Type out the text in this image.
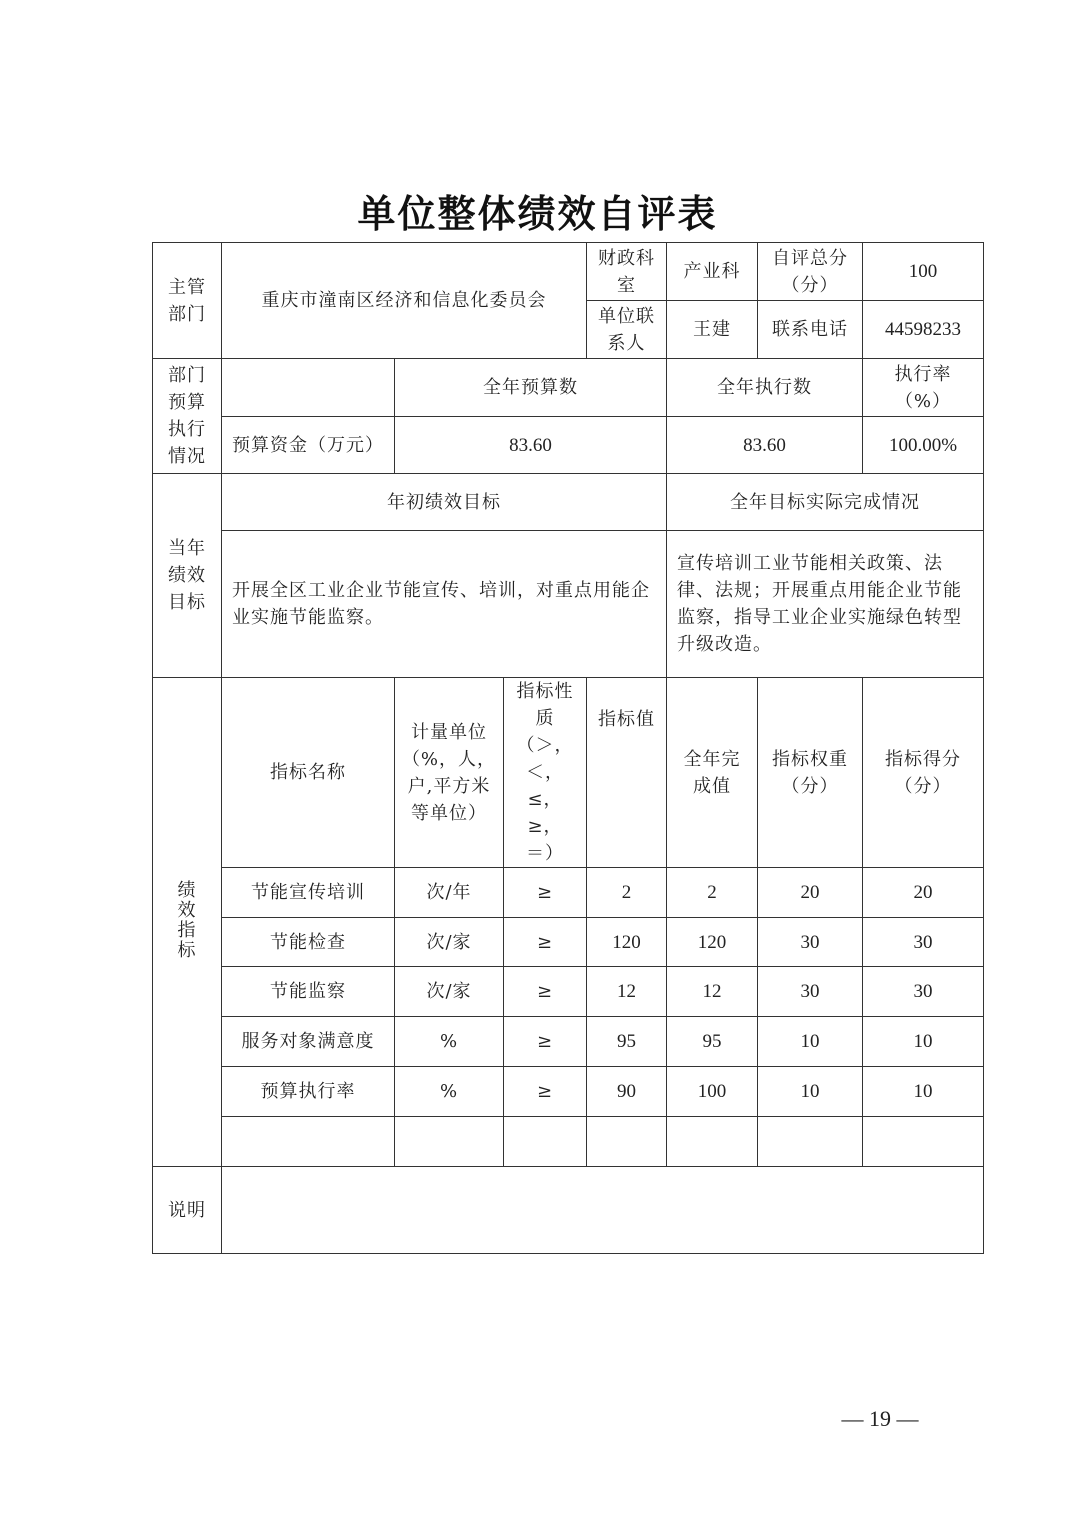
单位整体绩效自评表
主管部门	重庆市潼南区经济和信息化委员会			财政科室	产业科	自评总分（分）	100
				单位联系人	王建	联系电话	44598233
部门预算执行情况		全年预算数			全年执行数		执行率（%）
	预算资金（万元）	83.60			83.60		100.00%
当年绩效目标	年初绩效目标				全年目标实际完成情况		
	开展全区工业企业节能宣传、培训，对重点用能企业实施节能监察。				宣传培训工业节能相关政策、法律、法规；开展重点用能企业节能监察，指导工业企业实施绿色转型升级改造。		
绩效指标	指标名称	计量单位（%，人，户,平方米等单位）	指标性质（＞，＜，≤，≥，＝）	指标值	全年完成值	指标权重（分）	指标得分（分）
	节能宣传培训	次/年	≥	2	2	20	20
	节能检查	次/家	≥	120	120	30	30
	节能监察	次/家	≥	12	12	30	30
	服务对象满意度	%	≥	95	95	10	10
	预算执行率	%	≥	90	100	10	10

说明							
— 19 —
